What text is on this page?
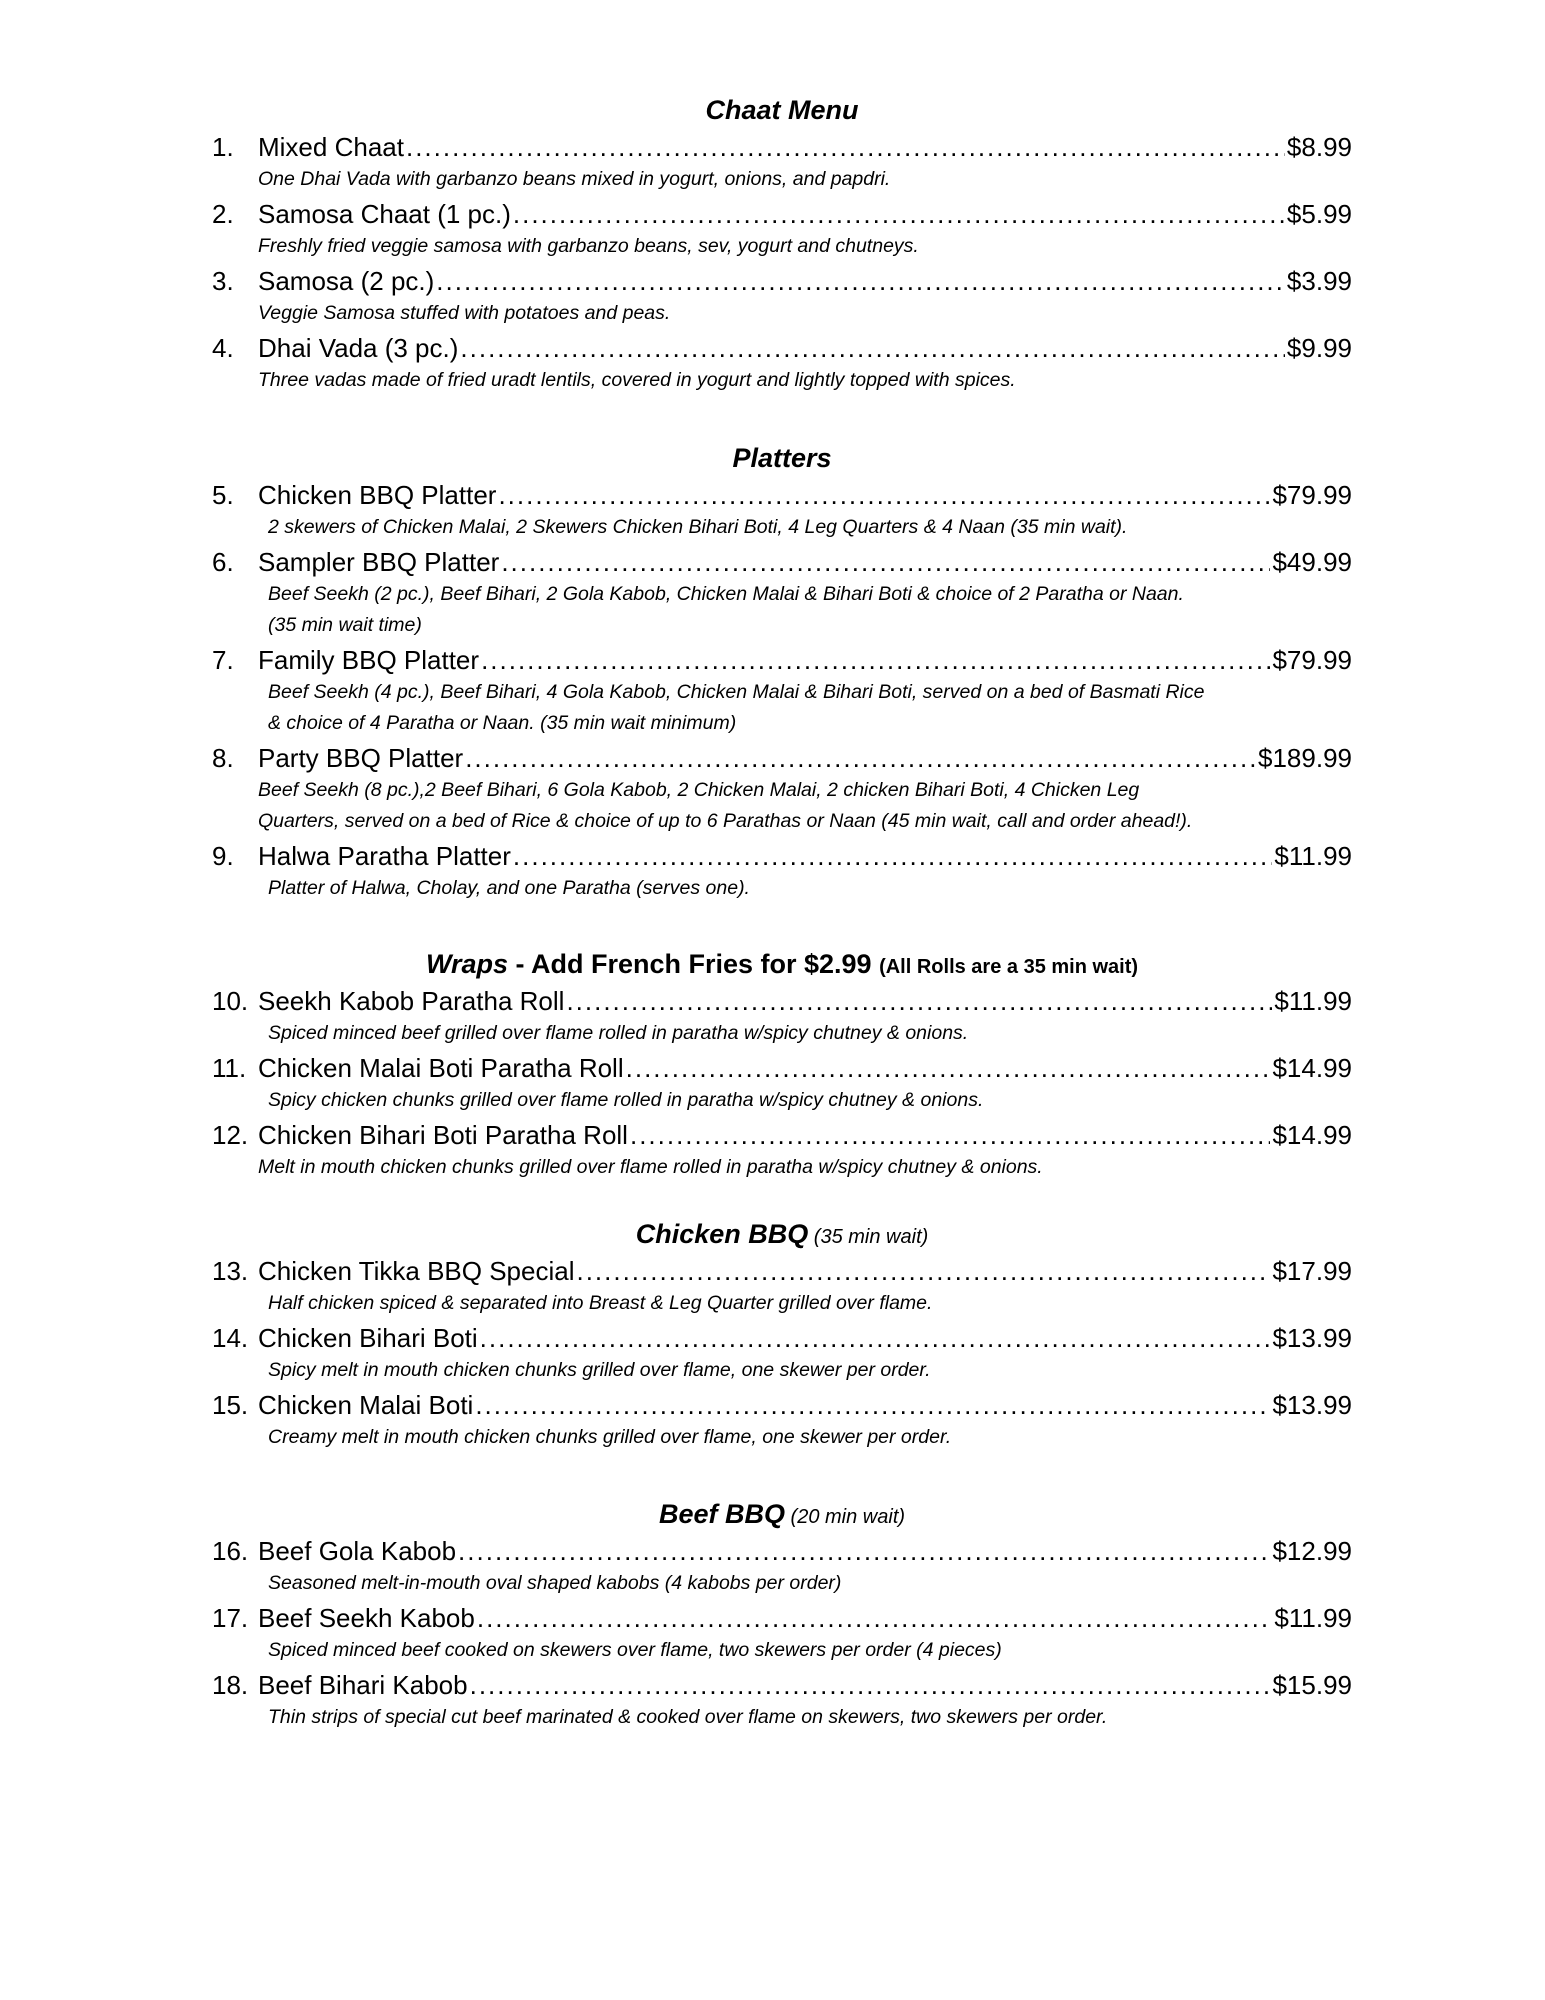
Chaat Menu
1. Mixed Chaat .....	$8.99
One Dhai Vada with garbanzo beans mixed in yogurt, onions, and papdri.
2. Samosa Chaat (1 pc.) .....	$5.99
Freshly fried veggie samosa with garbanzo beans, sev, yogurt and chutneys.
3. Samosa (2 pc.) .....	$3.99
Veggie Samosa stuffed with potatoes and peas.
4. Dhai Vada (3 pc.) .....	$9.99
Three vadas made of fried uradt lentils, covered in yogurt and lightly topped with spices.
Platters
5. Chicken BBQ Platter .....	$79.99
2 skewers of Chicken Malai, 2 Skewers Chicken Bihari Boti, 4 Leg Quarters & 4 Naan (35 min wait).
6. Sampler BBQ Platter .....	$49.99
Beef Seekh (2 pc.), Beef Bihari, 2 Gola Kabob, Chicken Malai & Bihari Boti & choice of 2 Paratha or Naan.
(35 min wait time)
7. Family BBQ Platter .....	$79.99
Beef Seekh (4 pc.), Beef Bihari, 4 Gola Kabob, Chicken Malai & Bihari Boti, served on a bed of Basmati Rice
& choice of 4 Paratha or Naan. (35 min wait minimum)
8. Party BBQ Platter .....	$189.99
Beef Seekh (8 pc.),2 Beef Bihari, 6 Gola Kabob, 2 Chicken Malai, 2 chicken Bihari Boti, 4 Chicken Leg
Quarters, served on a bed of Rice & choice of up to 6 Parathas or Naan (45 min wait, call and order ahead!).
9. Halwa Paratha Platter .....	$11.99
Platter of Halwa, Cholay, and one Paratha (serves one).
Wraps - Add French Fries for $2.99 (All Rolls are a 35 min wait)
10. Seekh Kabob Paratha Roll .....	$11.99
Spiced minced beef grilled over flame rolled in paratha w/spicy chutney & onions.
11. Chicken Malai Boti Paratha Roll .....	$14.99
Spicy chicken chunks grilled over flame rolled in paratha w/spicy chutney & onions.
12. Chicken Bihari Boti Paratha Roll .....	$14.99
Melt in mouth chicken chunks grilled over flame rolled in paratha w/spicy chutney & onions.
Chicken BBQ (35 min wait)
13. Chicken Tikka BBQ Special .....	$17.99
Half chicken spiced & separated into Breast & Leg Quarter grilled over flame.
14. Chicken Bihari Boti .....	$13.99
Spicy melt in mouth chicken chunks grilled over flame, one skewer per order.
15. Chicken Malai Boti .....	$13.99
Creamy melt in mouth chicken chunks grilled over flame, one skewer per order.
Beef BBQ (20 min wait)
16. Beef Gola Kabob .....	$12.99
Seasoned melt-in-mouth oval shaped kabobs (4 kabobs per order)
17. Beef Seekh Kabob .....	$11.99
Spiced minced beef cooked on skewers over flame, two skewers per order (4 pieces)
18. Beef Bihari Kabob .....	$15.99
Thin strips of special cut beef marinated & cooked over flame on skewers, two skewers per order.
